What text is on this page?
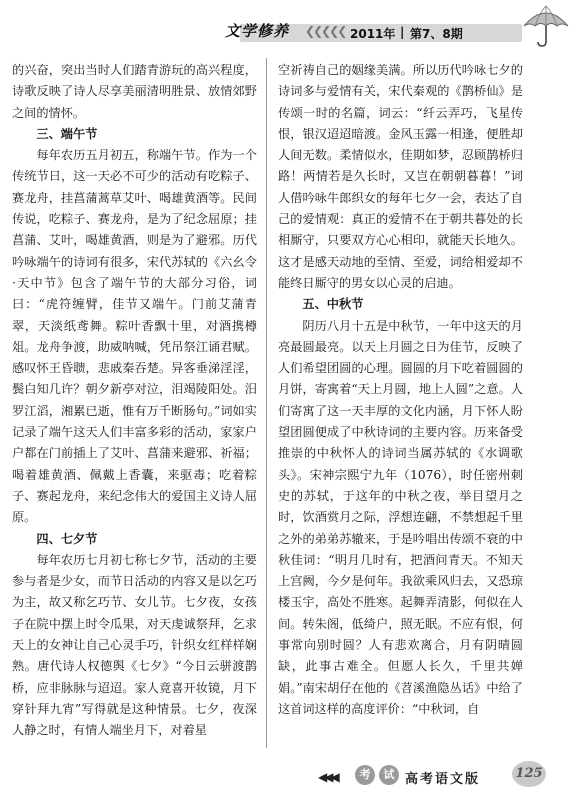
文学修养 ❮❮❮❮❮ 2011年 | 第7、8期

的兴奋，突出当时人们踏青游玩的高兴程度，诗歌反映了诗人尽享美丽清明胜景、放情郊野之间的情怀。

三、端午节

每年农历五月初五，称端午节。作为一个传统节日，这一天必不可少的活动有吃粽子、赛龙舟，挂菖蒲蒿草艾叶、喝雄黄酒等。民间传说，吃粽子、赛龙舟，是为了纪念屈原；挂菖蒲、艾叶，喝雄黄酒，则是为了避邪。历代吟咏端午的诗词有很多，宋代苏轼的《六幺令·天中节》包含了端午节的大部分习俗，词曰：“虎符缠臂，佳节又端午。门前艾蒲青翠，天淡纸鸢舞。粽叶香飘十里，对酒携樽俎。龙舟争渡，助威呐喊，凭吊祭江诵君赋。感叹怀王昏聩，悲戚秦吞楚。异客垂涕淫淫，鬓白知几许？朝夕新亭对泣，泪竭陵阳处。汨罗江滔，湘累已逝，惟有万千断肠句。”词如实记录了端午这天人们丰富多彩的活动，家家户户都在门前插上了艾叶、菖蒲来避邪、祈福；喝着雄黄酒、佩戴上香囊，来驱毒；吃着粽子、赛起龙舟，来纪念伟大的爱国主义诗人屈原。

四、七夕节

每年农历七月初七称七夕节，活动的主要参与者是少女，而节日活动的内容又是以乞巧为主，故又称乞巧节、女儿节。七夕夜，女孩子在院中摆上时令瓜果，对天虔诚祭拜，乞求天上的女神让自己心灵手巧，针织女红样样娴熟。唐代诗人权德舆《七夕》“今日云骈渡鹊桥，应非脉脉与迢迢。家人竟喜开妆镜，月下穿针拜九宵”写得就是这种情景。七夕，夜深人静之时，有情人端坐月下，对着星

空祈祷自己的姻缘美满。所以历代吟咏七夕的诗词多与爱情有关，宋代秦观的《鹊桥仙》是传颂一时的名篇，词云：“纤云弄巧，飞星传恨，银汉迢迢暗渡。金风玉露一相逢，便胜却人间无数。柔情似水，佳期如梦，忍顾鹊桥归路！两情若是久长时，又岂在朝朝暮暮！”词人借吟咏牛郎织女的每年七夕一会，表达了自己的爱情观：真正的爱情不在于朝共暮处的长相厮守，只要双方心心相印，就能天长地久。这才是感天动地的至情、至爱，词给相爱却不能终日厮守的男女以心灵的启迪。

五、中秋节

阴历八月十五是中秋节，一年中这天的月亮最圆最亮。以天上月圆之日为佳节，反映了人们希望团圆的心理。圆圆的月下吃着圆圆的月饼，寄寓着“天上月圆，地上人圆”之意。人们寄寓了这一天丰厚的文化内涵，月下怀人盼望团圆便成了中秋诗词的主要内容。历来备受推崇的中秋怀人的诗词当属苏轼的《水调歌头》。宋神宗熙宁九年（1076），时任密州刺史的苏轼，于这年的中秋之夜，举目望月之时，饮酒赏月之际，浮想连翩，不禁想起千里之外的弟弟苏辙来，于是吟唱出传颂不衰的中秋佳词：“明月几时有，把酒问青天。不知天上宫阙，今夕是何年。我欲乘风归去，又恐琼楼玉宇，高处不胜寒。起舞弄清影，何似在人间。转朱阁，低绮户，照无眠。不应有恨，何事常向别时圆？人有悲欢离合，月有阴晴圆缺，此事古难全。但愿人长久，千里共婵娟。”南宋胡仔在他的《苕溪渔隐丛话》中给了这首词这样的高度评价：“中秋词，自

◀◀◀	考	试 高考语文版	125
